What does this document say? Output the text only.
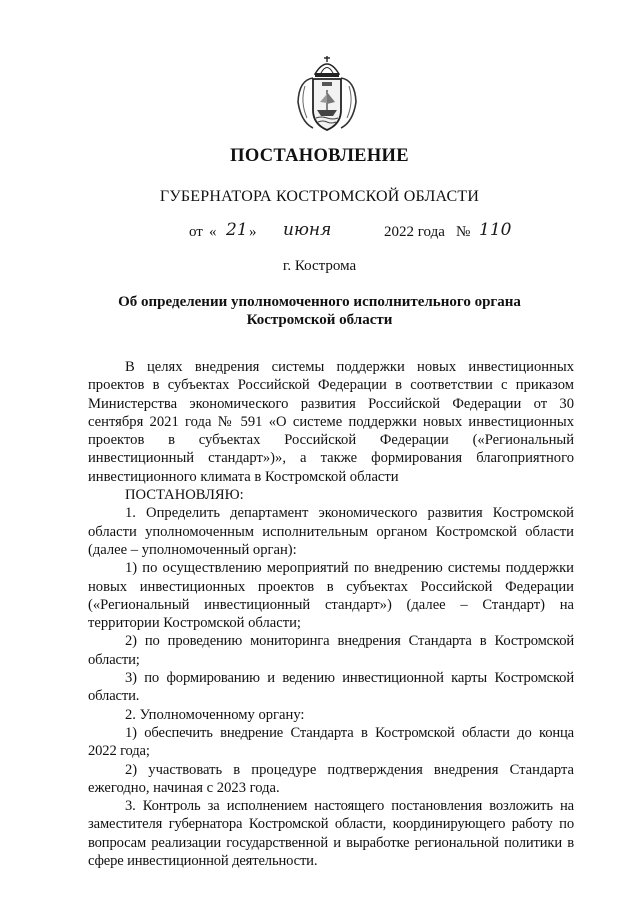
ПОСТАНОВЛЕНИЕ
ГУБЕРНАТОРА КОСТРОМСКОЙ ОБЛАСТИ
от « 21 » июня	2022 года № 110
г. Кострома
Об определении уполномоченного исполнительного органа
Костромской области

В целях внедрения системы поддержки новых инвестиционных проектов в субъектах Российской Федерации в соответствии с приказом Министерства экономического развития Российской Федерации от 30 сентября 2021 года № 591 «О системе поддержки новых инвестиционных проектов в субъектах Российской Федерации («Региональный инвестиционный стандарт»)», а также формирования благоприятного инвестиционного климата в Костромской области

ПОСТАНОВЛЯЮ:

1. Определить департамент экономического развития Костромской области уполномоченным исполнительным органом Костромской области (далее – уполномоченный орган):

1) по осуществлению мероприятий по внедрению системы поддержки новых инвестиционных проектов в субъектах Российской Федерации («Региональный инвестиционный стандарт») (далее – Стандарт) на территории Костромской области;

2) по проведению мониторинга внедрения Стандарта в Костромской области;

3) по формированию и ведению инвестиционной карты Костромской области.

2. Уполномоченному органу:

1) обеспечить внедрение Стандарта в Костромской области до конца 2022 года;

2) участвовать в процедуре подтверждения внедрения Стандарта ежегодно, начиная с 2023 года.

3. Контроль за исполнением настоящего постановления возложить на заместителя губернатора Костромской области, координирующего работу по вопросам реализации государственной и выработке региональной политики в сфере инвестиционной деятельности.
